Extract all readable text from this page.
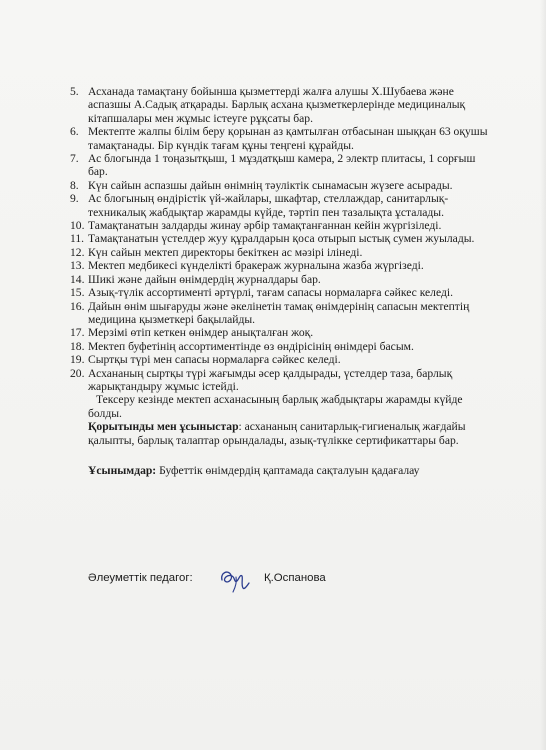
5. Асханада тамақтану бойынша қызметтерді жалға алушы Х.Шубаева және аспазшы А.Садық атқарады. Барлық асхана қызметкерлерінде медициналық кітапшалары мен жұмыс істеуге рұқсаты бар.
6. Мектепте жалпы білім беру қорынан аз қамтылған отбасынан шыққан 63 оқушы тамақтанады. Бір күндік тағам құны теңгені құрайды.
7. Ас блогында 1 тоңазытқыш, 1 мұздатқыш камера, 2 электр плитасы, 1 сорғыш бар.
8. Күн сайын аспазшы дайын өнімнің тәуліктік сынамасын жүзеге асырады.
9. Ас блогының өндірістік үй-жайлары, шкафтар, стеллаждар, санитарлық-техникалық жабдықтар жарамды күйде, тәртіп пен тазалықта ұсталады.
10. Тамақтанатын залдарды жинау әрбір тамақтанғаннан кейін жүргізіледі.
11. Тамақтанатын үстелдер жуу құралдарын қоса отырып ыстық сумен жуылады.
12. Күн сайын мектеп директоры бекіткен ас мәзірі ілінеді.
13. Мектеп медбикесі күнделікті бракераж журналына жазба жүргізеді.
14. Шикі және дайын өнімдердің журналдары бар.
15. Азық-түлік ассортименті әртүрлі, тағам сапасы нормаларға сәйкес келеді.
16. Дайын өнім шығаруды және әкелінетін тамақ өнімдерінің сапасын мектептің медицина қызметкері бақылайды.
17. Мерзімі өтіп кеткен өнімдер анықталған жоқ.
18. Мектеп буфетінің ассортиментінде өз өндірісінің өнімдері басым.
19. Сыртқы түрі мен сапасы нормаларға сәйкес келеді.
20. Асхананың сыртқы түрі жағымды әсер қалдырады, үстелдер таза, барлық жарықтандыру жұмыс істейді.

Тексеру кезінде мектеп асханасының барлық жабдықтары жарамды күйде болды.

Қорытынды мен ұсыныстар: асхананың санитарлық-гигиеналық жағдайы қалыпты, барлық талаптар орындалады, азық-түлікке сертификаттары бар.

Ұсынымдар: Буфеттік өнімдердің қаптамада сақталуын қадағалау

Әлеуметтік педагог:	Қ.Оспанова
